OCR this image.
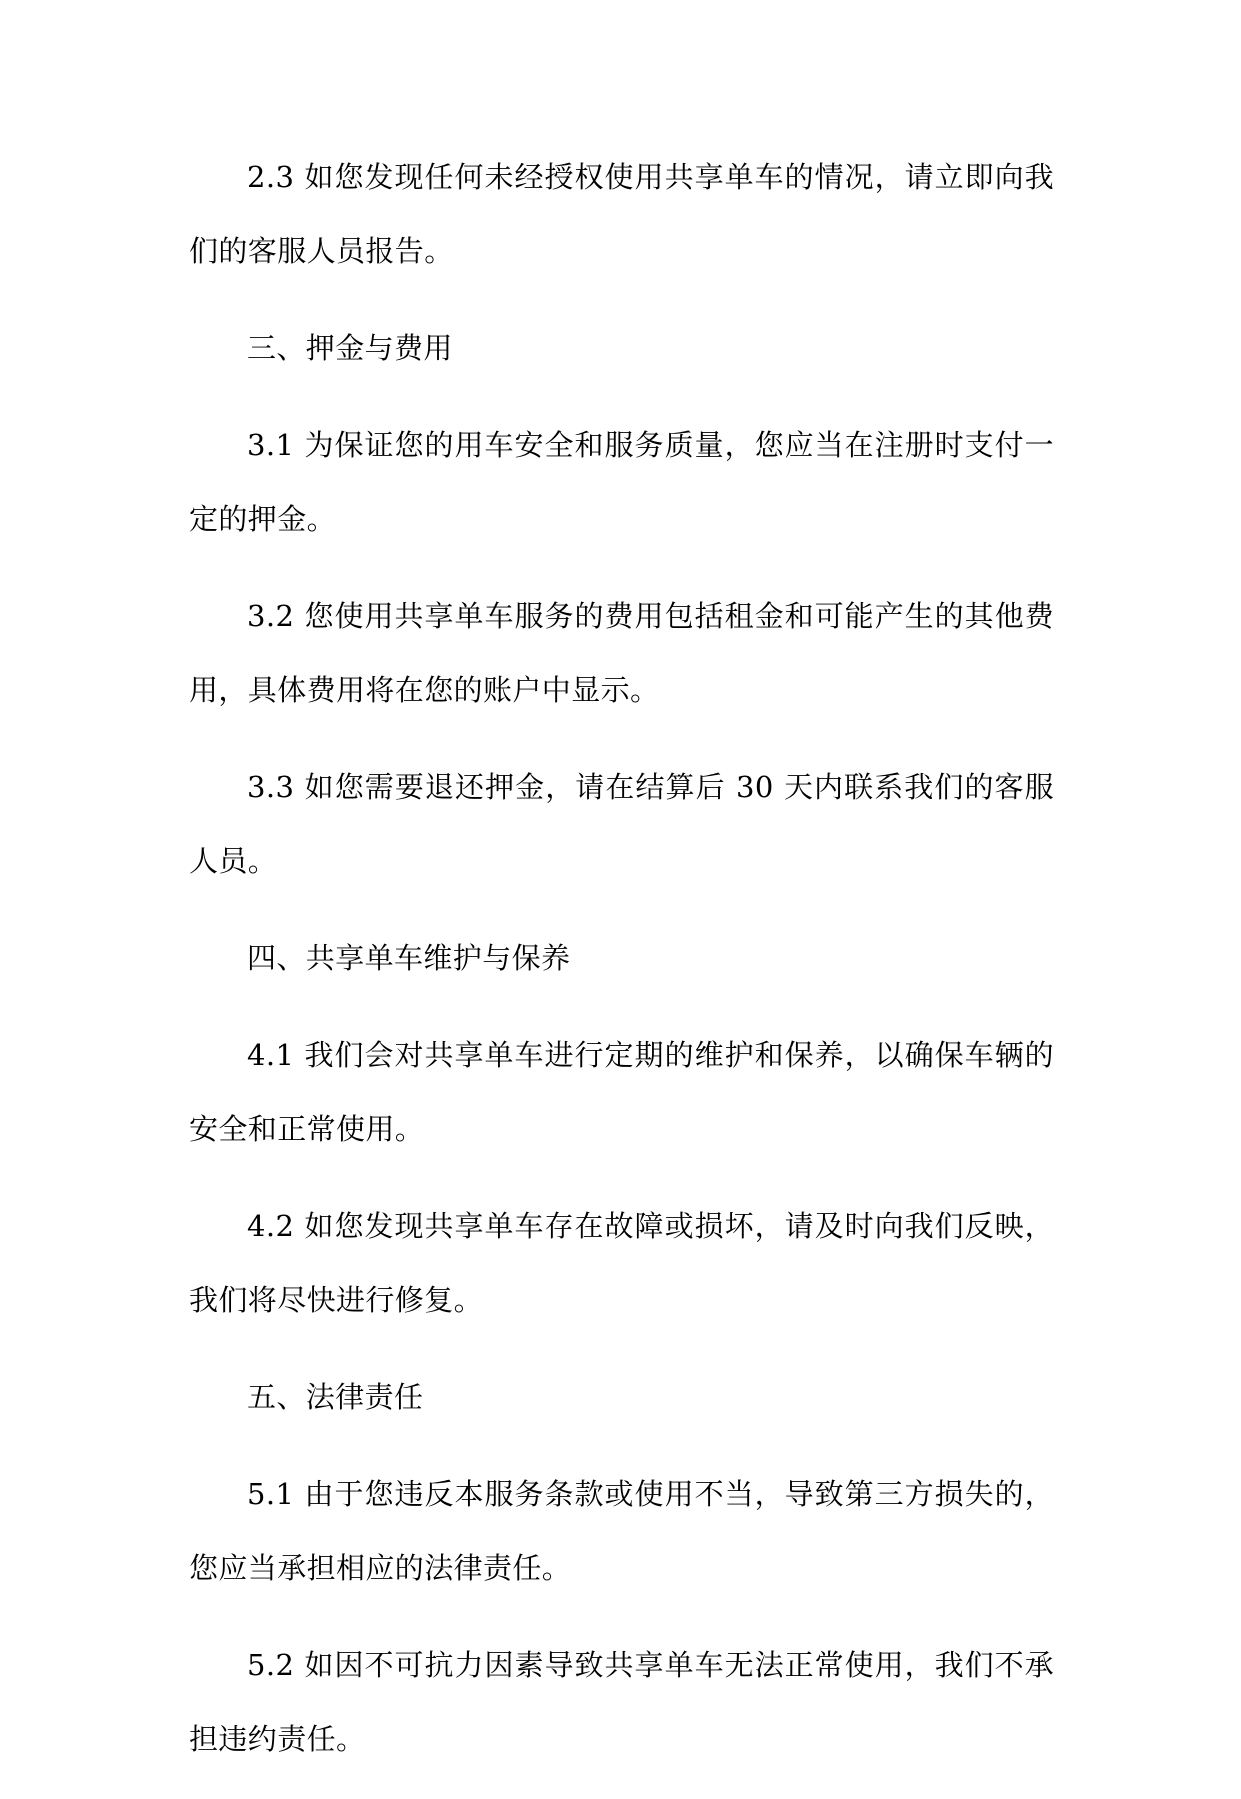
2.3 如您发现任何未经授权使用共享单车的情况，请立即向我们的客服人员报告。

三、押金与费用

3.1 为保证您的用车安全和服务质量，您应当在注册时支付一定的押金。

3.2 您使用共享单车服务的费用包括租金和可能产生的其他费用，具体费用将在您的账户中显示。

3.3 如您需要退还押金，请在结算后 30 天内联系我们的客服人员。

四、共享单车维护与保养

4.1 我们会对共享单车进行定期的维护和保养，以确保车辆的安全和正常使用。

4.2 如您发现共享单车存在故障或损坏，请及时向我们反映，我们将尽快进行修复。

五、法律责任

5.1 由于您违反本服务条款或使用不当，导致第三方损失的，您应当承担相应的法律责任。

5.2 如因不可抗力因素导致共享单车无法正常使用，我们不承担违约责任。
